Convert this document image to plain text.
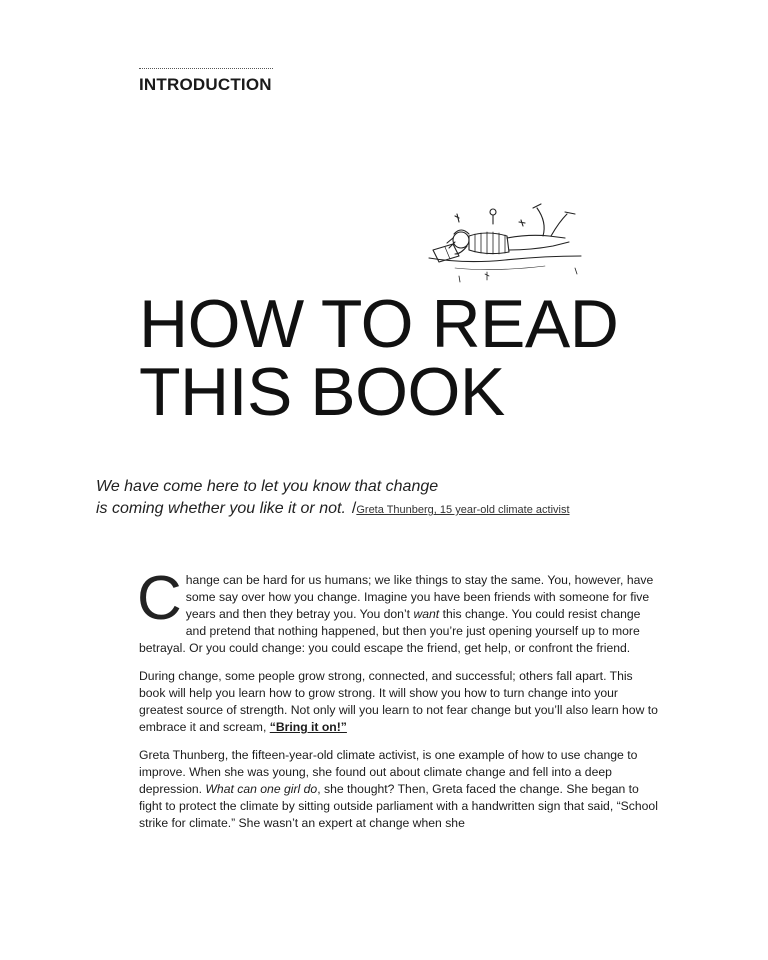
INTRODUCTION
HOW TO READ
THIS BOOK
We have come here to let you know that change
is coming whether you like it or not. /Greta Thunberg, 15 year-old climate activist

Change can be hard for us humans; we like things to stay the same. You, however, have some say over how you change. Imagine you have been friends with someone for five years and then they betray you. You don’t want this change. You could resist change and pretend that nothing happened, but then you’re just opening yourself up to more betrayal. Or you could change: you could escape the friend, get help, or confront the friend.

During change, some people grow strong, connected, and successful; others fall apart. This book will help you learn how to grow strong. It will show you how to turn change into your greatest source of strength. Not only will you learn to not fear change but you’ll also learn how to embrace it and scream, “Bring it on!”

Greta Thunberg, the fifteen-year-old climate activist, is one example of how to use change to improve. When she was young, she found out about climate change and fell into a deep depression. What can one girl do, she thought? Then, Greta faced the change. She began to fight to protect the climate by sitting outside parliament with a handwritten sign that said, “School strike for climate.” She wasn’t an expert at change when she
